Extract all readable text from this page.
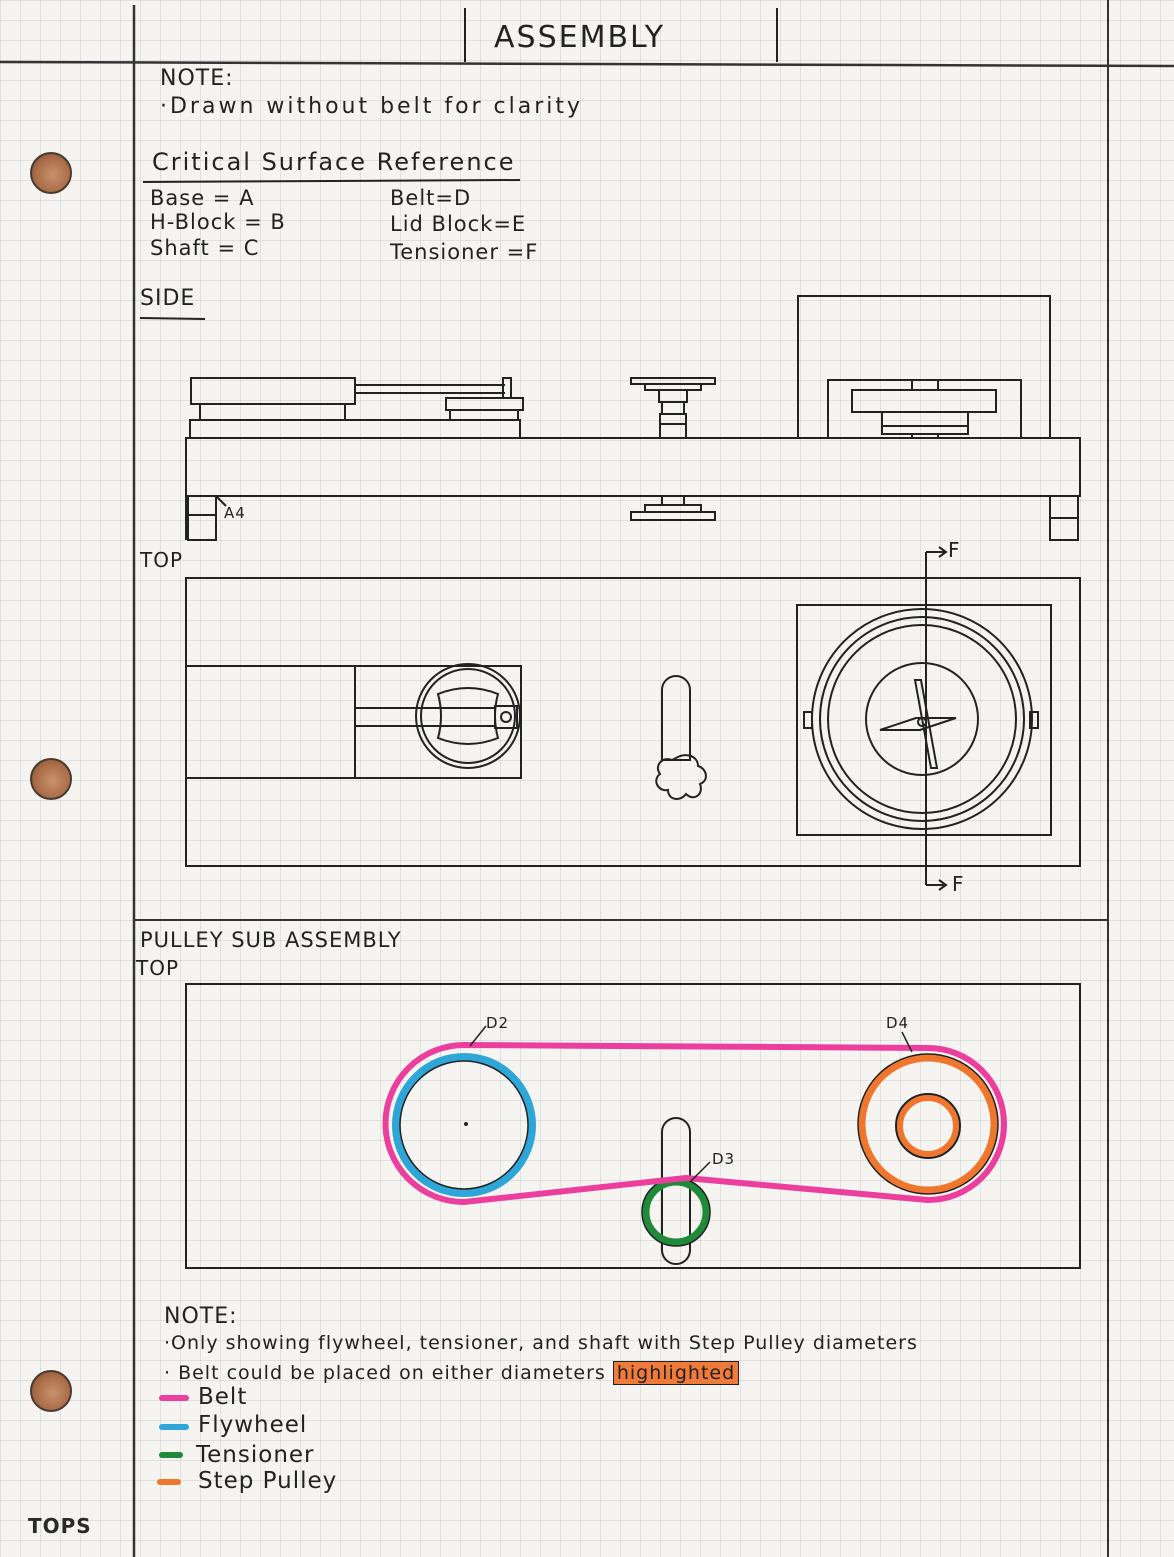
ASSEMBLY
NOTE:
·Drawn without belt for clarity
Critical Surface Reference
Base = A
H-Block = B
Shaft = C
Belt=D
Lid Block=E
Tensioner =F
SIDE
A4
TOP	F
F
PULLEY SUB ASSEMBLY
TOP
D2	D4
D3
NOTE:
·Only showing flywheel, tensioner, and shaft with Step Pulley diameters
· Belt could be placed on either diameters highlighted
Belt
Flywheel
Tensioner
Step Pulley
TOPS
